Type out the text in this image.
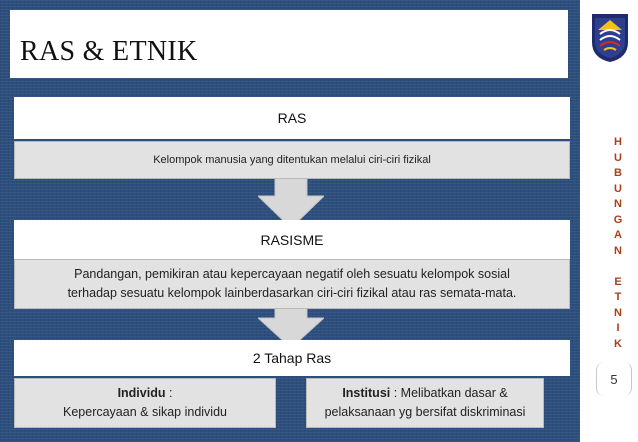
RAS & ETNIK
H
U
B
U
N
G
A
N

E
T
N
I
K
5
RAS
Kelompok manusia yang ditentukan melalui ciri-ciri fizikal
RASISME
Pandangan, pemikiran atau kepercayaan negatif oleh sesuatu kelompok sosial
terhadap sesuatu kelompok lainberdasarkan ciri-ciri fizikal atau ras semata-mata.
2 Tahap Ras
Individu :
Kepercayaan & sikap individu
Institusi : Melibatkan dasar &
pelaksanaan yg bersifat diskriminasi
